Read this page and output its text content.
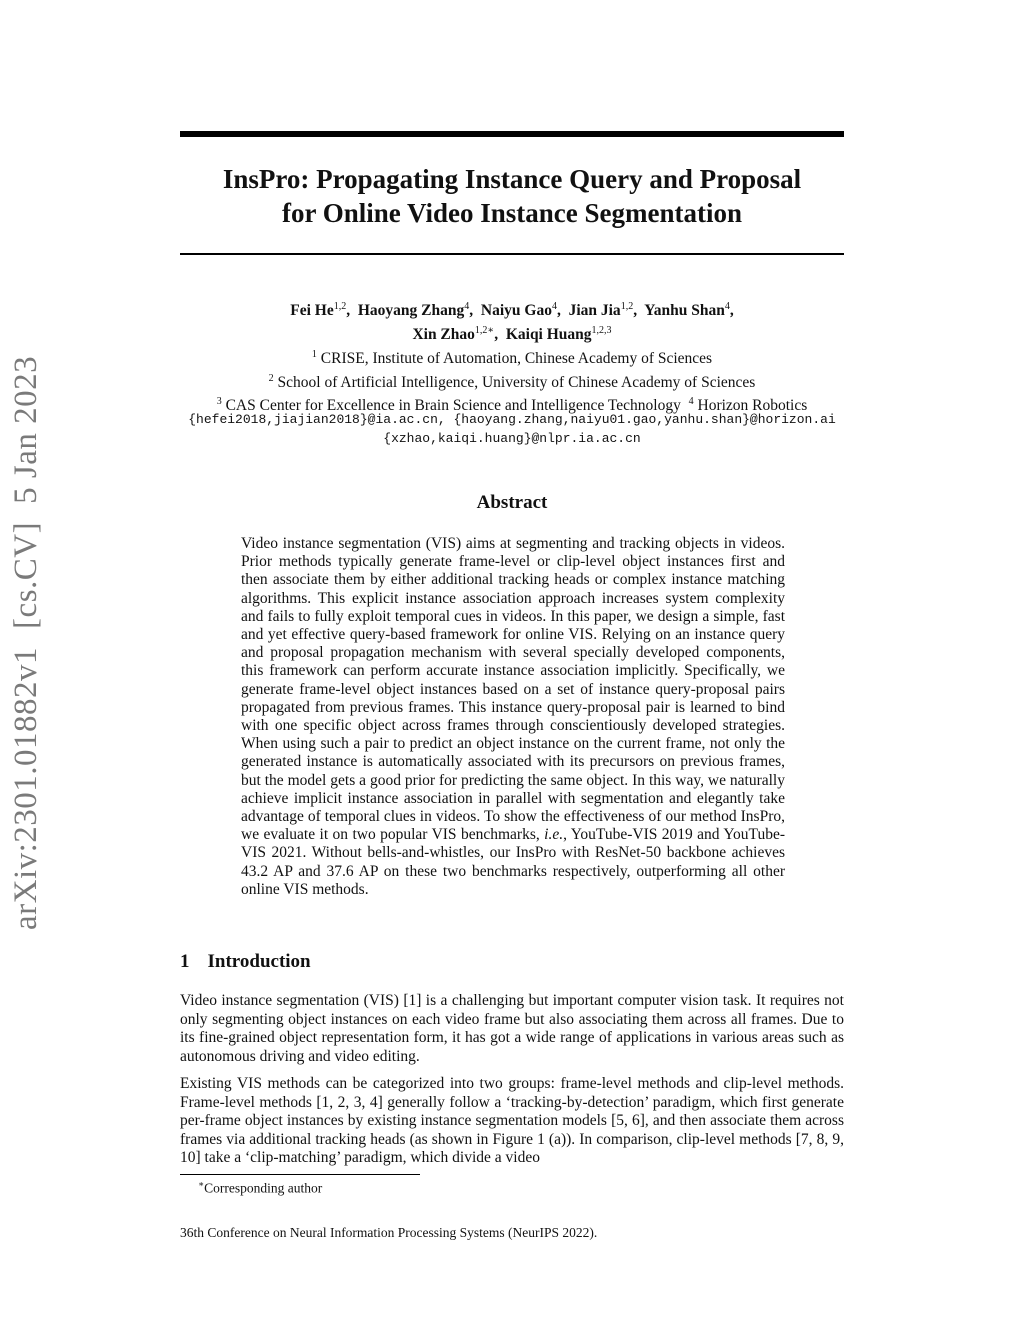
arXiv:2301.01882v1[cs.CV]5 Jan 2023
InsPro: Propagating Instance Query and Proposal
for Online Video Instance Segmentation
Fei He$^{1,2}$,  Haoyang Zhang$^4$,  Naiyu Gao$^4$,  Jian Jia$^{1,2}$,  Yanhu Shan$^4$,
Xin Zhao$^{1,2∗}$,  Kaiqi Huang$^{1,2,3}$
$^1$ CRISE, Institute of Automation, Chinese Academy of Sciences
$^2$ School of Artificial Intelligence, University of Chinese Academy of Sciences
$^3$ CAS Center for Excellence in Brain Science and Intelligence Technology $^4$ Horizon Robotics
{hefei2018,jiajian2018}@ia.ac.cn, {haoyang.zhang,naiyu01.gao,yanhu.shan}@horizon.ai
{xzhao,kaiqi.huang}@nlpr.ia.ac.cn
Abstract
Video instance segmentation (VIS) aims at segmenting and tracking objects in videos. Prior methods typically generate frame-level or clip-level object instances first and then associate them by either additional tracking heads or complex instance matching algorithms. This explicit instance association approach increases system complexity and fails to fully exploit temporal cues in videos. In this paper, we design a simple, fast and yet effective query-based framework for online VIS. Relying on an instance query and proposal propagation mechanism with several specially developed components, this framework can perform accurate instance association implicitly. Specifically, we generate frame-level object instances based on a set of instance query-proposal pairs propagated from previous frames. This instance query-proposal pair is learned to bind with one specific object across frames through conscientiously developed strategies. When using such a pair to predict an object instance on the current frame, not only the generated instance is automatically associated with its precursors on previous frames, but the model gets a good prior for predicting the same object. In this way, we naturally achieve implicit instance association in parallel with segmentation and elegantly take advantage of temporal clues in videos. To show the effectiveness of our method InsPro, we evaluate it on two popular VIS benchmarks, i.e., YouTube-VIS 2019 and YouTube-VIS 2021. Without bells-and-whistles, our InsPro with ResNet-50 backbone achieves 43.2 AP and 37.6 AP on these two benchmarks respectively, outperforming all other online VIS methods.
1 Introduction
Video instance segmentation (VIS) [1] is a challenging but important computer vision task. It requires not only segmenting object instances on each video frame but also associating them across all frames. Due to its fine-grained object representation form, it has got a wide range of applications in various areas such as autonomous driving and video editing.
Existing VIS methods can be categorized into two groups: frame-level methods and clip-level methods. Frame-level methods [1, 2, 3, 4] generally follow a ‘tracking-by-detection’ paradigm, which first generate per-frame object instances by existing instance segmentation models [5, 6], and then associate them across frames via additional tracking heads (as shown in Figure 1 (a)). In comparison, clip-level methods [7, 8, 9, 10] take a ‘clip-matching’ paradigm, which divide a video
∗Corresponding author
36th Conference on Neural Information Processing Systems (NeurIPS 2022).
